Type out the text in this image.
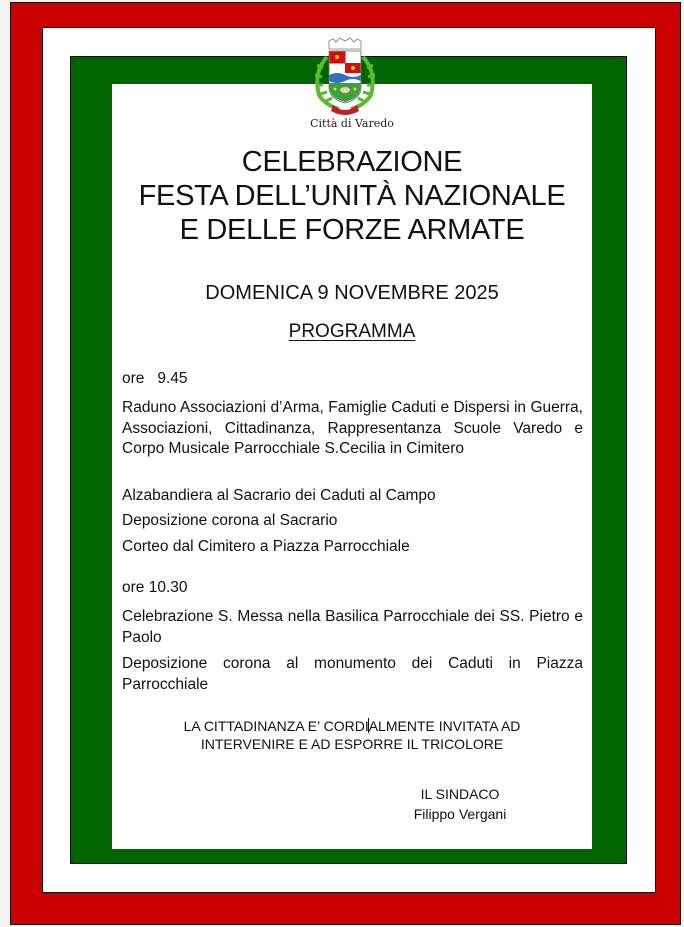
Città di Varedo
CELEBRAZIONE
FESTA DELL’UNITÀ NAZIONALE
E DELLE FORZE ARMATE
DOMENICA 9 NOVEMBRE 2025
PROGRAMMA
ore   9.45
Raduno Associazioni d’Arma, Famiglie Caduti e Dispersi in Guerra, Associazioni, Cittadinanza, Rappresentanza Scuole Varedo e Corpo Musicale Parrocchiale S.Cecilia in Cimitero
Alzabandiera al Sacrario dei Caduti al Campo
Deposizione corona al Sacrario
Corteo dal Cimitero a Piazza Parrocchiale
ore 10.30
Celebrazione S. Messa nella Basilica Parrocchiale dei SS. Pietro e Paolo
Deposizione corona al monumento dei Caduti in Piazza Parrocchiale
LA CITTADINANZA E’ CORDIALMENTE INVITATA AD
INTERVENIRE E AD ESPORRE IL TRICOLORE
IL SINDACO
Filippo Vergani
